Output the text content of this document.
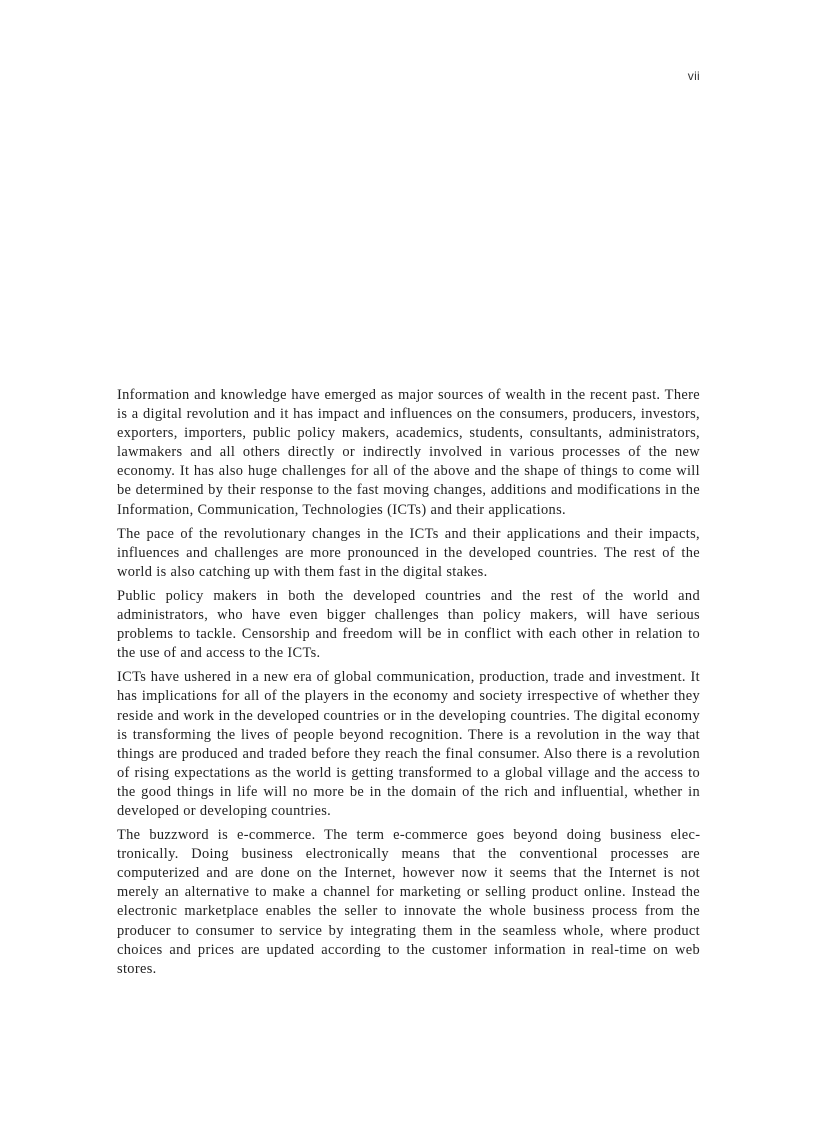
vii

Information and knowledge have emerged as major sources of wealth in the recent past. There is a digital revolution and it has impact and influences on the consumers, producers, investors, exporters, importers, public policy makers, academics, students, consultants, administrators, lawmakers and all others directly or indirectly involved in various processes of the new economy. It has also huge challenges for all of the above and the shape of things to come will be determined by their response to the fast moving changes, additions and modifications in the Information, Communication, Technologies (ICTs) and their applications.

The pace of the revolutionary changes in the ICTs and their applications and their impacts, influences and challenges are more pronounced in the developed countries. The rest of the world is also catching up with them fast in the digital stakes.

Public policy makers in both the developed countries and the rest of the world and administrators, who have even bigger challenges than policy makers, will have serious problems to tackle. Censorship and freedom will be in conflict with each other in relation to the use of and access to the ICTs.

ICTs have ushered in a new era of global communication, production, trade and investment. It has implications for all of the players in the economy and society irrespective of whether they reside and work in the developed countries or in the developing countries. The digital economy is transforming the lives of people beyond recognition. There is a revolution in the way that things are produced and traded before they reach the final consumer. Also there is a revolution of rising expectations as the world is getting transformed to a global village and the access to the good things in life will no more be in the domain of the rich and influential, whether in developed or developing countries.

The buzzword is e-commerce. The term e-commerce goes beyond doing business electronically. Doing business electronically means that the conventional processes are computerized and are done on the Internet, however now it seems that the Internet is not merely an alternative to make a channel for marketing or selling product online. Instead the electronic marketplace enables the seller to innovate the whole business process from the producer to consumer to service by integrating them in the seamless whole, where product choices and prices are updated according to the customer information in real-time on web stores.
